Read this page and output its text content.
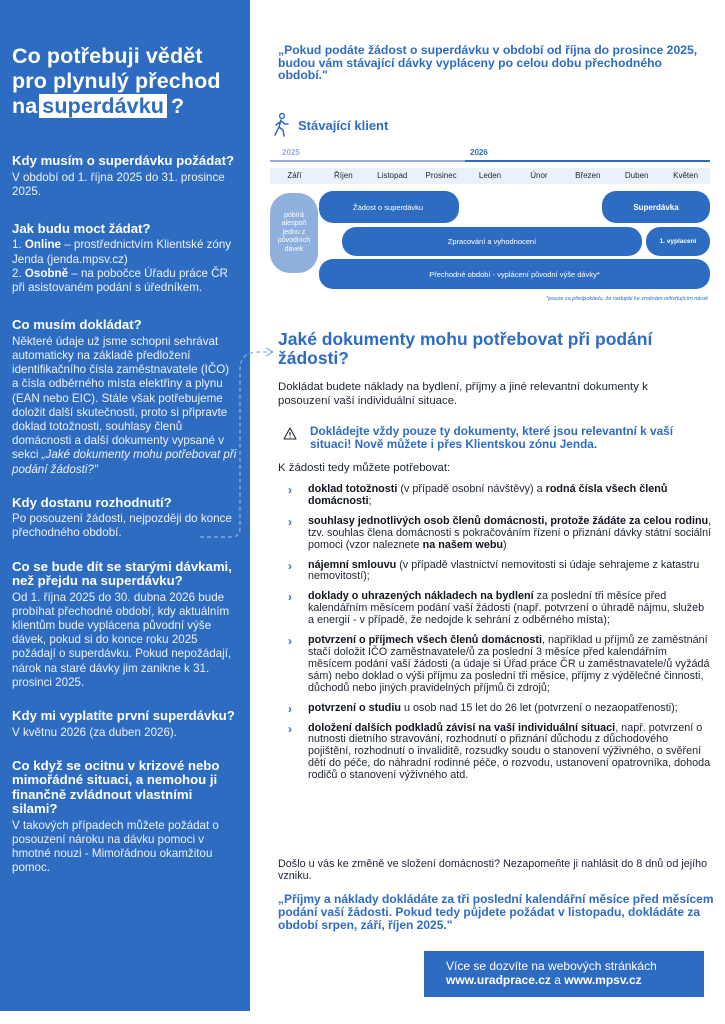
Co potřebuji vědět pro plynulý přechod na superdávku ?
Kdy musím o superdávku požádat?
V období od 1. října 2025 do 31. prosince 2025.
Jak budu moct žádat?
1. Online – prostřednictvím Klientské zóny Jenda (jenda.mpsv.cz)
2. Osobně – na pobočce Úřadu práce ČR při asistovaném podání s úředníkem.
Co musím dokládat?
Některé údaje už jsme schopni sehrávat automaticky na základě předložení identifikačního čísla zaměstnavatele (IČO) a čísla odběrného místa elektřiny a plynu (EAN nebo EIC). Stále však potřebujeme doložit další skutečnosti, proto si připravte doklad totožnosti, souhlasy členů domácnosti a další dokumenty vypsané v sekci „Jaké dokumenty mohu potřebovat při podání žádosti?"
Kdy dostanu rozhodnutí?
Po posouzení žádosti, nejpozději do konce přechodného období.
Co se bude dít se starými dávkami, než přejdu na superdávku?
Od 1. října 2025 do 30. dubna 2026 bude probíhat přechodné období, kdy aktuálním klientům bude vyplácena původní výše dávek, pokud si do konce roku 2025 požádají o superdávku. Pokud nepožádají, nárok na staré dávky jim zanikne k 31. prosinci 2025.
Kdy mi vyplatíte první superdávku?
V květnu 2026 (za duben 2026).
Co když se ocitnu v krizové nebo mimořádné situaci, a nemohou ji finančně zvládnout vlastními silami?
V takových případech můžete požádat o posouzení nároku na dávku pomoci v hmotné nouzi - Mimořádnou okamžitou pomoc.
„Pokud podáte žádost o superdávku v období od října do prosince 2025, budou vám stávající dávky vypláceny po celou dobu přechodného období."
Stávající klient
2025	2026
Září	Říjen	Listopad	Prosinec	Leden	Únor	Březen	Duben	Květen
pobírá alespoň jednu z původních dávek
Žádost o superdávku	Superdávka
Zpracování a vyhodnocení	1. vyplacení
Přechodné období - vyplácení původní výše dávky*
*pouze za předpokladu, že nedojde ke změnám ovlivňujícím nárok
Jaké dokumenty mohu potřebovat při podání žádosti?
Dokládat budete náklady na bydlení, příjmy a jiné relevantní dokumenty k posouzení vaší individuální situace.
Dokládejte vždy pouze ty dokumenty, které jsou relevantní k vaší situaci! Nově můžete i přes Klientskou zónu Jenda.
K žádosti tedy můžete potřebovat:
› doklad totožnosti (v případě osobní návštěvy) a rodná čísla všech členů domácnosti;
› souhlasy jednotlivých osob členů domácnosti, protože žádáte za celou rodinu, tzv. souhlas člena domácnosti s pokračováním řízení o přiznání dávky státní sociální pomoci (vzor naleznete na našem webu)
› nájemní smlouvu (v případě vlastnictví nemovitosti si údaje sehrajeme z katastru nemovitostí);
› doklady o uhrazených nákladech na bydlení za poslední tři měsíce před kalendářním měsícem podání vaší žádosti (např. potvrzení o úhradě nájmu, služeb a energií - v případě, že nedojde k sehrání z odběrného místa);
› potvrzení o příjmech všech členů domácnosti, například u příjmů ze zaměstnání stačí doložit IČO zaměstnavatele/ů za poslední 3 měsíce před kalendářním měsícem podání vaší žádosti (a údaje si Úřad práce ČR u zaměstnavatele/ů vyžádá sám) nebo doklad o výši příjmu za poslední tři měsíce, příjmy z výdělečné činnosti, důchodů nebo jiných pravidelných příjmů či zdrojů;
› potvrzení o studiu u osob nad 15 let do 26 let (potvrzení o nezaopatřenosti);
› doložení dalších podkladů závisí na vaší individuální situaci, např. potvrzení o nutnosti dietního stravování, rozhodnutí o přiznání důchodu z důchodového pojištění, rozhodnutí o invaliditě, rozsudky soudu o stanovení výživného, o svěření dětí do péče, do náhradní rodinné péče, o rozvodu, ustanovení opatrovníka, dohoda rodičů o stanovení výživného atd.
Došlo u vás ke změně ve složení domácnosti? Nezapomeňte ji nahlásit do 8 dnů od jejího vzniku.
„Příjmy a náklady dokládáte za tři poslední kalendářní měsíce před měsícem podání vaší žádosti. Pokud tedy půjdete požádat v listopadu, dokládáte za období srpen, září, říjen 2025."
Více se dozvíte na webových stránkách
www.uradprace.cz a www.mpsv.cz
